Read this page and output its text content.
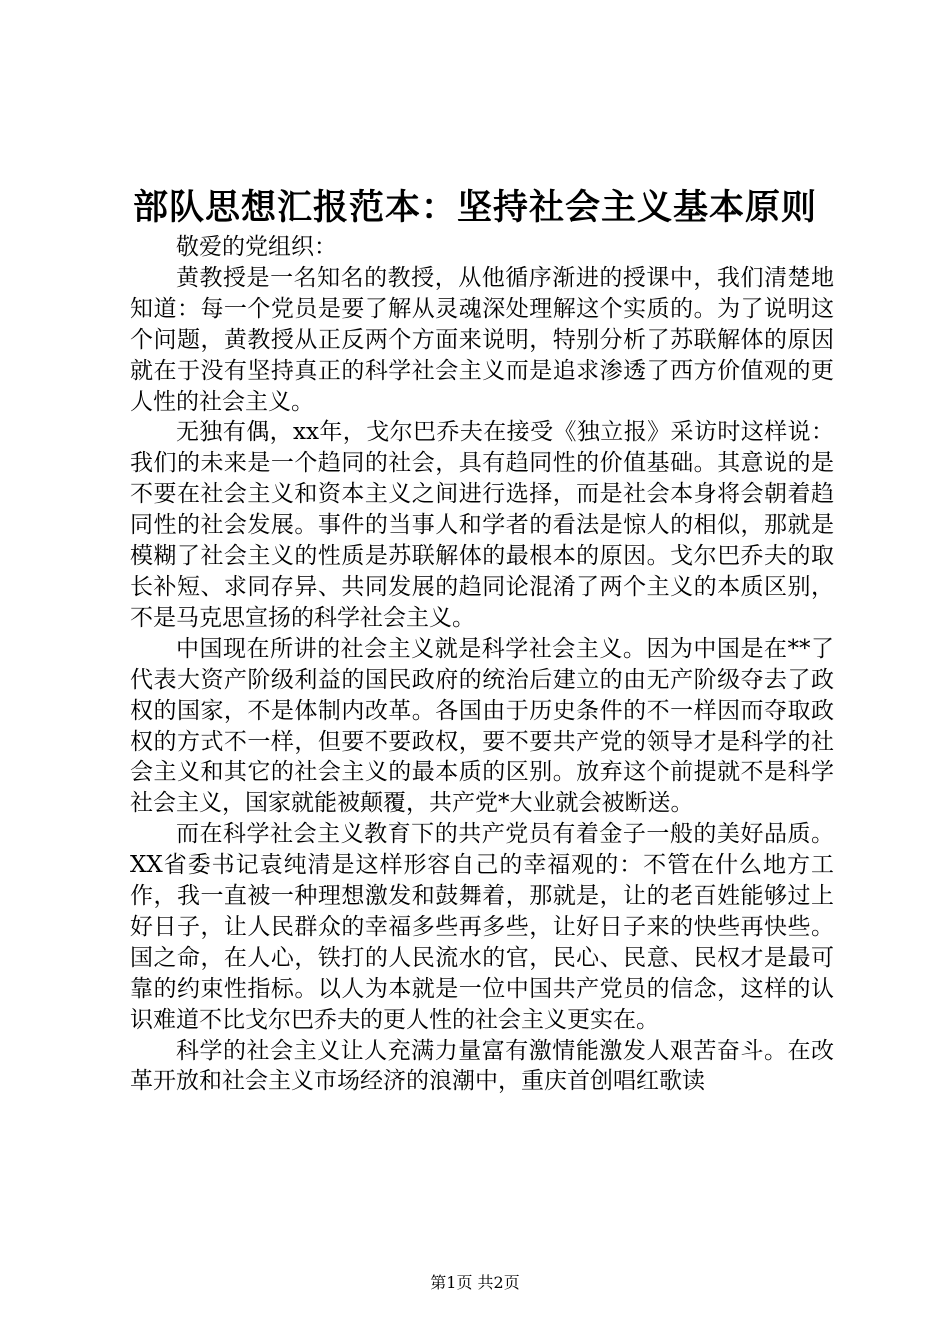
部队思想汇报范本：坚持社会主义基本原则

敬爱的党组织：

黄教授是一名知名的教授，从他循序渐进的授课中，我们清楚地知道：每一个党员是要了解从灵魂深处理解这个实质的。为了说明这个问题，黄教授从正反两个方面来说明，特别分析了苏联解体的原因就在于没有坚持真正的科学社会主义而是追求渗透了西方价值观的更人性的社会主义。

无独有偶，xx年，戈尔巴乔夫在接受《独立报》采访时这样说：我们的未来是一个趋同的社会，具有趋同性的价值基础。其意说的是不要在社会主义和资本主义之间进行选择，而是社会本身将会朝着趋同性的社会发展。事件的当事人和学者的看法是惊人的相似，那就是模糊了社会主义的性质是苏联解体的最根本的原因。戈尔巴乔夫的取长补短、求同存异、共同发展的趋同论混淆了两个主义的本质区别，不是马克思宣扬的科学社会主义。

中国现在所讲的社会主义就是科学社会主义。因为中国是在**了代表大资产阶级利益的国民政府的统治后建立的由无产阶级夺去了政权的国家，不是体制内改革。各国由于历史条件的不一样因而夺取政权的方式不一样，但要不要政权，要不要共产党的领导才是科学的社会主义和其它的社会主义的最本质的区别。放弃这个前提就不是科学社会主义，国家就能被颠覆，共产党*大业就会被断送。

而在科学社会主义教育下的共产党员有着金子一般的美好品质。XX省委书记袁纯清是这样形容自己的幸福观的：不管在什么地方工作，我一直被一种理想激发和鼓舞着，那就是，让的老百姓能够过上好日子，让人民群众的幸福多些再多些，让好日子来的快些再快些。国之命，在人心，铁打的人民流水的官，民心、民意、民权才是最可靠的约束性指标。以人为本就是一位中国共产党员的信念，这样的认识难道不比戈尔巴乔夫的更人性的社会主义更实在。

科学的社会主义让人充满力量富有激情能激发人艰苦奋斗。在改革开放和社会主义市场经济的浪潮中，重庆首创唱红歌读

第1页 共2页
